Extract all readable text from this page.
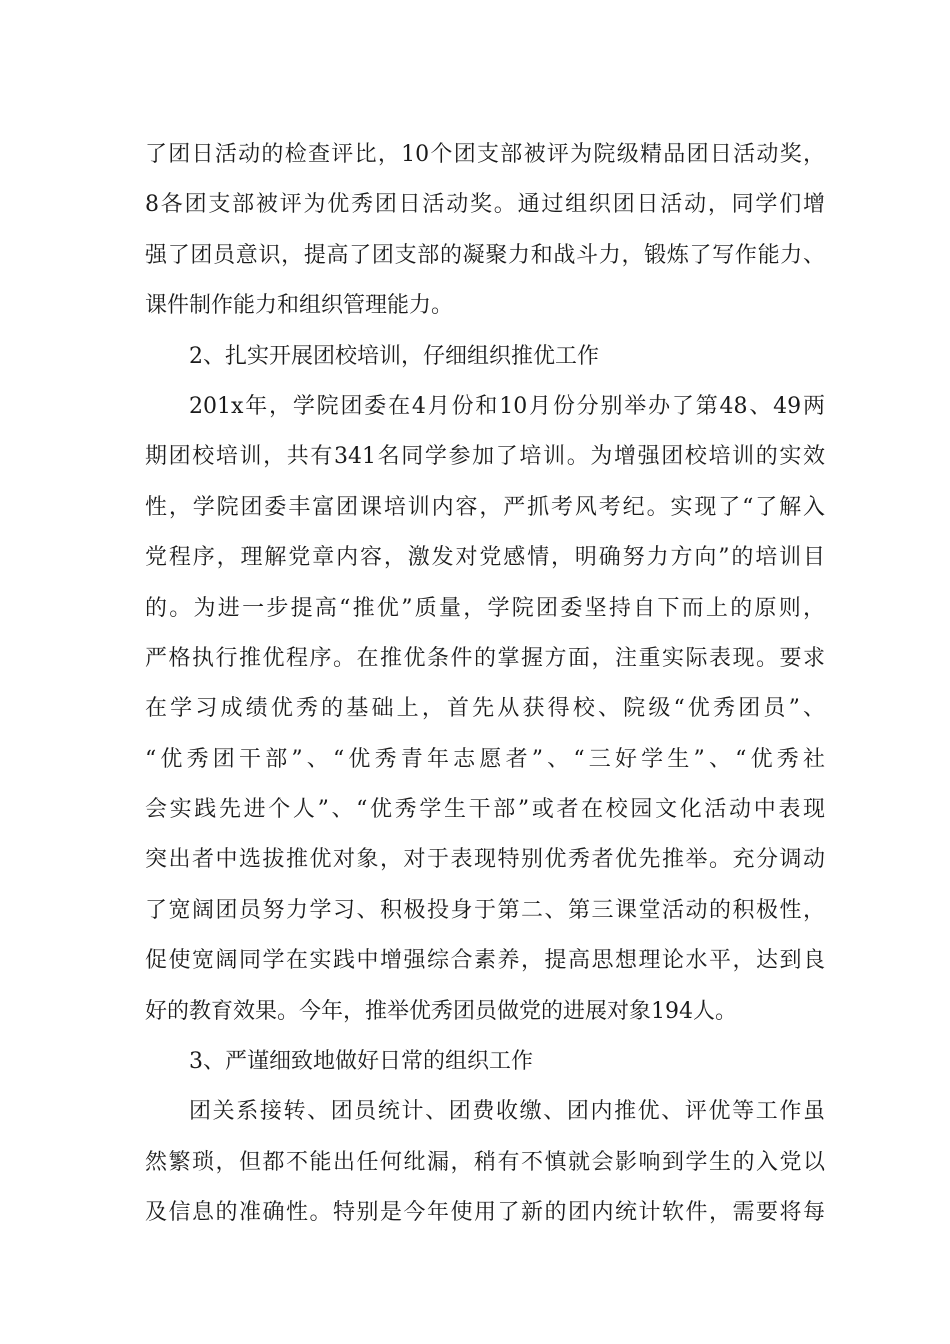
了团日活动的检查评比，10个团支部被评为院级精品团日活动奖，
8各团支部被评为优秀团日活动奖。通过组织团日活动，同学们增
强了团员意识，提高了团支部的凝聚力和战斗力，锻炼了写作能力、
课件制作能力和组织管理能力。
2、扎实开展团校培训，仔细组织推优工作
201x年，学院团委在4月份和10月份分别举办了第48、49两
期团校培训，共有341名同学参加了培训。为增强团校培训的实效
性，学院团委丰富团课培训内容，严抓考风考纪。实现了“了解入
党程序，理解党章内容，激发对党感情，明确努力方向”的培训目
的。为进一步提高“推优”质量，学院团委坚持自下而上的原则，
严格执行推优程序。在推优条件的掌握方面，注重实际表现。要求
在学习成绩优秀的基础上，首先从获得校、院级“优秀团员”、
“优秀团干部”、“优秀青年志愿者”、“三好学生”、“优秀社
会实践先进个人”、“优秀学生干部”或者在校园文化活动中表现
突出者中选拔推优对象，对于表现特别优秀者优先推举。充分调动
了宽阔团员努力学习、积极投身于第二、第三课堂活动的积极性，
促使宽阔同学在实践中增强综合素养，提高思想理论水平，达到良
好的教育效果。今年，推举优秀团员做党的进展对象194人。
3、严谨细致地做好日常的组织工作
团关系接转、团员统计、团费收缴、团内推优、评优等工作虽
然繁琐，但都不能出任何纰漏，稍有不慎就会影响到学生的入党以
及信息的准确性。特别是今年使用了新的团内统计软件，需要将每
